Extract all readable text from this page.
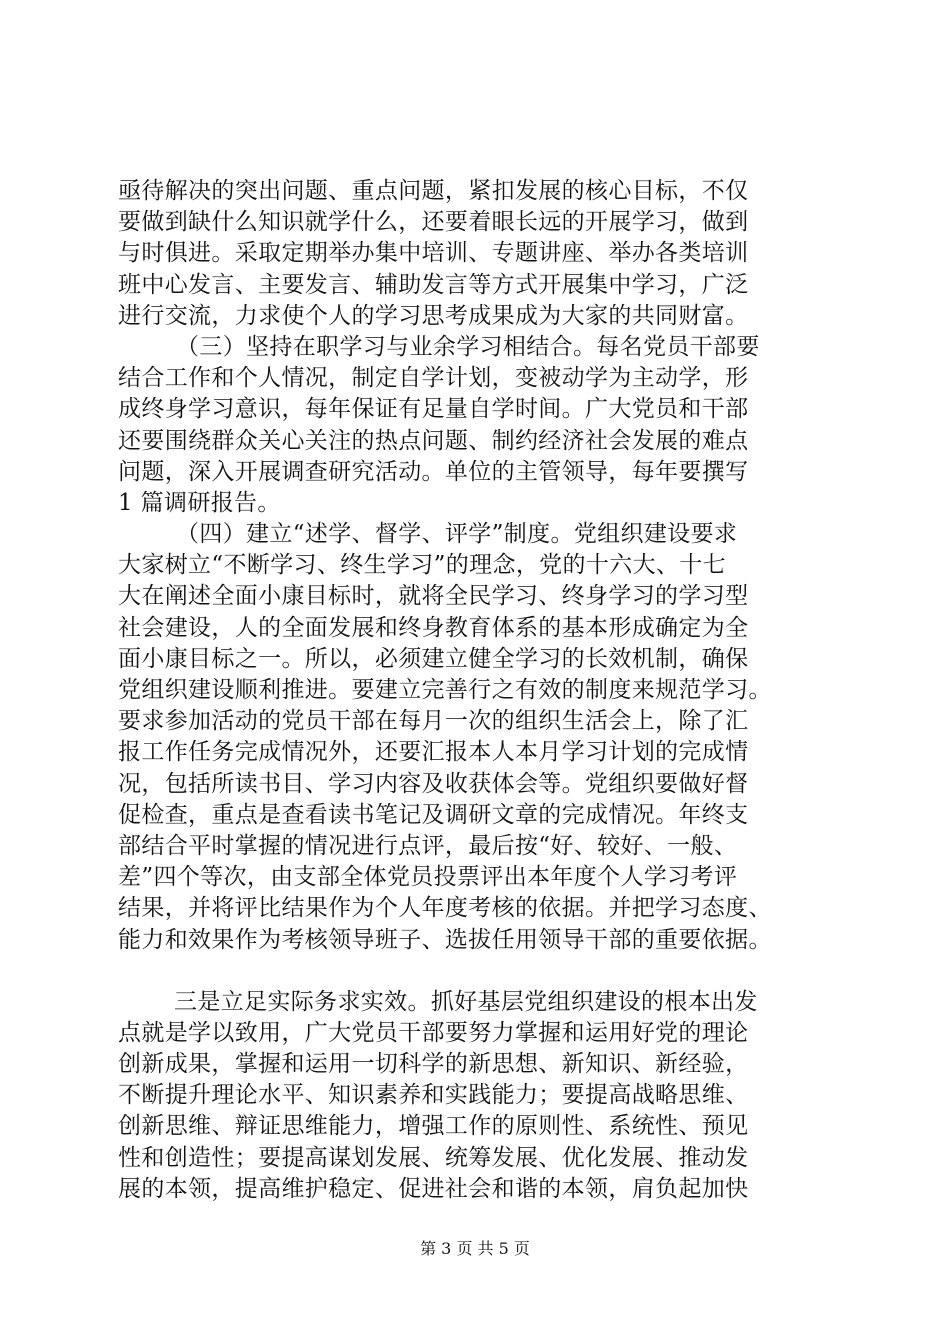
亟待解决的突出问题、重点问题，紧扣发展的核心目标，不仅
要做到缺什么知识就学什么，还要着眼长远的开展学习，做到
与时俱进。采取定期举办集中培训、专题讲座、举办各类培训
班中心发言、主要发言、辅助发言等方式开展集中学习，广泛
进行交流，力求使个人的学习思考成果成为大家的共同财富。
（三）坚持在职学习与业余学习相结合。每名党员干部要
结合工作和个人情况，制定自学计划，变被动学为主动学，形
成终身学习意识，每年保证有足量自学时间。广大党员和干部
还要围绕群众关心关注的热点问题、制约经济社会发展的难点
问题，深入开展调查研究活动。单位的主管领导，每年要撰写
1 篇调研报告。
（四）建立“述学、督学、评学”制度。党组织建设要求
大家树立“不断学习、终生学习”的理念，党的十六大、十七
大在阐述全面小康目标时，就将全民学习、终身学习的学习型
社会建设，人的全面发展和终身教育体系的基本形成确定为全
面小康目标之一。所以，必须建立健全学习的长效机制，确保
党组织建设顺利推进。要建立完善行之有效的制度来规范学习。
要求参加活动的党员干部在每月一次的组织生活会上，除了汇
报工作任务完成情况外，还要汇报本人本月学习计划的完成情
况，包括所读书目、学习内容及收获体会等。党组织要做好督
促检查，重点是查看读书笔记及调研文章的完成情况。年终支
部结合平时掌握的情况进行点评，最后按“好、较好、一般、
差”四个等次，由支部全体党员投票评出本年度个人学习考评
结果，并将评比结果作为个人年度考核的依据。并把学习态度、
能力和效果作为考核领导班子、选拔任用领导干部的重要依据。
三是立足实际务求实效。抓好基层党组织建设的根本出发
点就是学以致用，广大党员干部要努力掌握和运用好党的理论
创新成果，掌握和运用一切科学的新思想、新知识、新经验，
不断提升理论水平、知识素养和实践能力；要提高战略思维、
创新思维、辩证思维能力，增强工作的原则性、系统性、预见
性和创造性；要提高谋划发展、统筹发展、优化发展、推动发
展的本领，提高维护稳定、促进社会和谐的本领，肩负起加快
第 3 页 共 5 页
